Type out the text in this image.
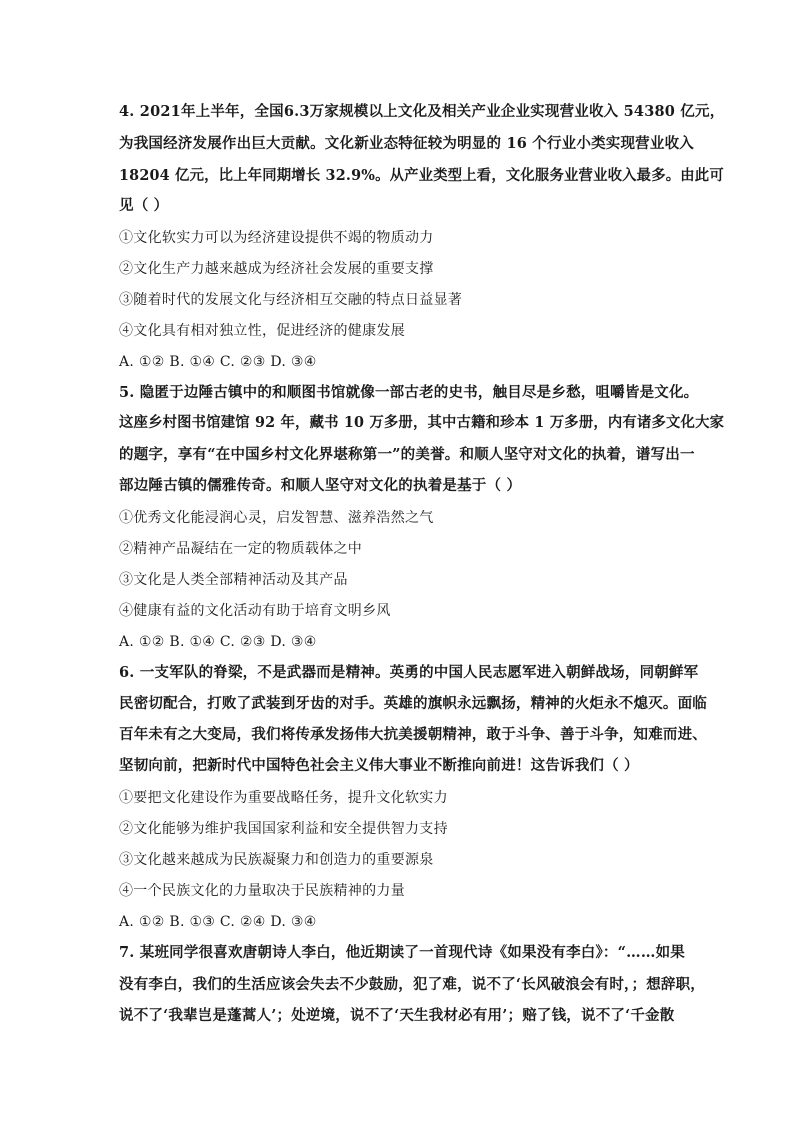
4. 2021年上半年，全国6.3万家规模以上文化及相关产业企业实现营业收入 54380 亿元，
为我国经济发展作出巨大贡献。文化新业态特征较为明显的 16 个行业小类实现营业收入
18204 亿元，比上年同期增长 32.9%。从产业类型上看，文化服务业营业收入最多。由此可
见（ ）
①文化软实力可以为经济建设提供不竭的物质动力
②文化生产力越来越成为经济社会发展的重要支撑
③随着时代的发展文化与经济相互交融的特点日益显著
④文化具有相对独立性，促进经济的健康发展
A. ①② B. ①④ C. ②③ D. ③④
5. 隐匿于边陲古镇中的和顺图书馆就像一部古老的史书，触目尽是乡愁，咀嚼皆是文化。
这座乡村图书馆建馆 92 年，藏书 10 万多册，其中古籍和珍本 1 万多册，内有诸多文化大家
的题字，享有“在中国乡村文化界堪称第一”的美誉。和顺人坚守对文化的执着，谱写出一
部边陲古镇的儒雅传奇。和顺人坚守对文化的执着是基于（ ）
①优秀文化能浸润心灵，启发智慧、滋养浩然之气
②精神产品凝结在一定的物质载体之中
③文化是人类全部精神活动及其产品
④健康有益的文化活动有助于培育文明乡风
A. ①② B. ①④ C. ②③ D. ③④
6. 一支军队的脊梁，不是武器而是精神。英勇的中国人民志愿军进入朝鲜战场，同朝鲜军
民密切配合，打败了武装到牙齿的对手。英雄的旗帜永远飘扬，精神的火炬永不熄灭。面临
百年未有之大变局，我们将传承发扬伟大抗美援朝精神，敢于斗争、善于斗争，知难而进、
坚韧向前，把新时代中国特色社会主义伟大事业不断推向前进！这告诉我们（ ）
①要把文化建设作为重要战略任务，提升文化软实力
②文化能够为维护我国国家利益和安全提供智力支持
③文化越来越成为民族凝聚力和创造力的重要源泉
④一个民族文化的力量取决于民族精神的力量
A. ①② B. ①③ C. ②④ D. ③④
7. 某班同学很喜欢唐朝诗人李白，他近期读了一首现代诗《如果没有李白》：“……如果
没有李白，我们的生活应该会失去不少鼓励，犯了难，说不了‘长风破浪会有时，；想辞职，
说不了‘我辈岂是蓬蒿人’；处逆境，说不了‘天生我材必有用’；赔了钱，说不了‘千金散
